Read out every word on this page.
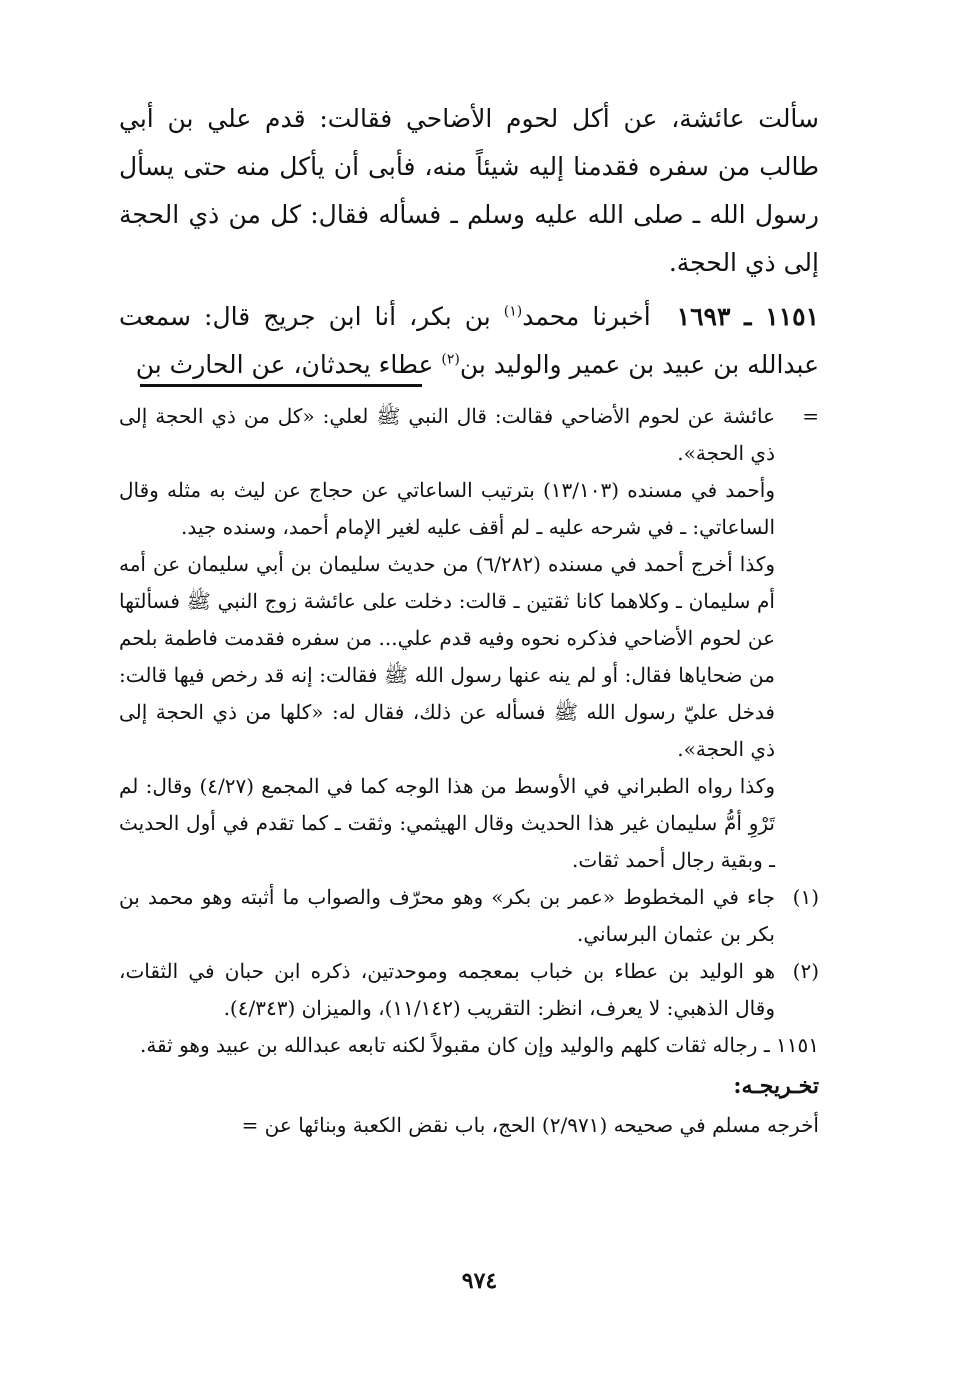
سألت عائشة، عن أكل لحوم الأضاحي فقالت: قدم علي بن أبي طالب من سفره فقدمنا إليه شيئاً منه، فأبى أن يأكل منه حتى يسأل رسول الله ـ صلى الله عليه وسلم ـ فسأله فقال: كل من ذي الحجة إلى ذي الحجة.

١١٥١ ـ ١٦٩٣أخبرنا محمد$^{(١)}$ بن بكر، أنا ابن جريج قال: سمعت عبدالله بن عبيد بن عمير والوليد بن$^{(٢)}$ عطاء يحدثان، عن الحارث بن

=

عائشة عن لحوم الأضاحي فقالت: قال النبي ﷺ لعلي: «كل من ذي الحجة إلى ذي الحجة».

وأحمد في مسنده (١٣/١٠٣) بترتيب الساعاتي عن حجاج عن ليث به مثله وقال الساعاتي: ـ في شرحه عليه ـ لم أقف عليه لغير الإمام أحمد، وسنده جيد.

وكذا أخرج أحمد في مسنده (٦/٢٨٢) من حديث سليمان بن أبي سليمان عن أمه أم سليمان ـ وكلاهما كانا ثقتين ـ قالت: دخلت على عائشة زوج النبي ﷺ فسألتها عن لحوم الأضاحي فذكره نحوه وفيه قدم علي... من سفره فقدمت فاطمة بلحم من ضحاياها فقال: أو لم ينه عنها رسول الله ﷺ فقالت: إنه قد رخص فيها قالت: فدخل عليّ رسول الله ﷺ فسأله عن ذلك، فقال له: «كلها من ذي الحجة إلى ذي الحجة».

وكذا رواه الطبراني في الأوسط من هذا الوجه كما في المجمع (٤/٢٧) وقال: لم تَرْوِ أمُّ سليمان غير هذا الحديث وقال الهيثمي: وثقت ـ كما تقدم في أول الحديث ـ وبقية رجال أحمد ثقات.

(١)
جاء في المخطوط «عمر بن بكر» وهو محرّف والصواب ما أثبته وهو محمد بن بكر بن عثمان البرساني.
(٢)
هو الوليد بن عطاء بن خباب بمعجمه وموحدتين، ذكره ابن حبان في الثقات، وقال الذهبي: لا يعرف، انظر: التقريب (١١/١٤٢)، والميزان (٤/٣٤٣).
١١٥١ ـ رجاله ثقات كلهم والوليد وإن كان مقبولاً لكنه تابعه عبدالله بن عبيد وهو ثقة.
تخـريجـه:
أخرجه مسلم في صحيحه (٢/٩٧١) الحج، باب نقض الكعبة وبنائها عن =
٩٧٤
